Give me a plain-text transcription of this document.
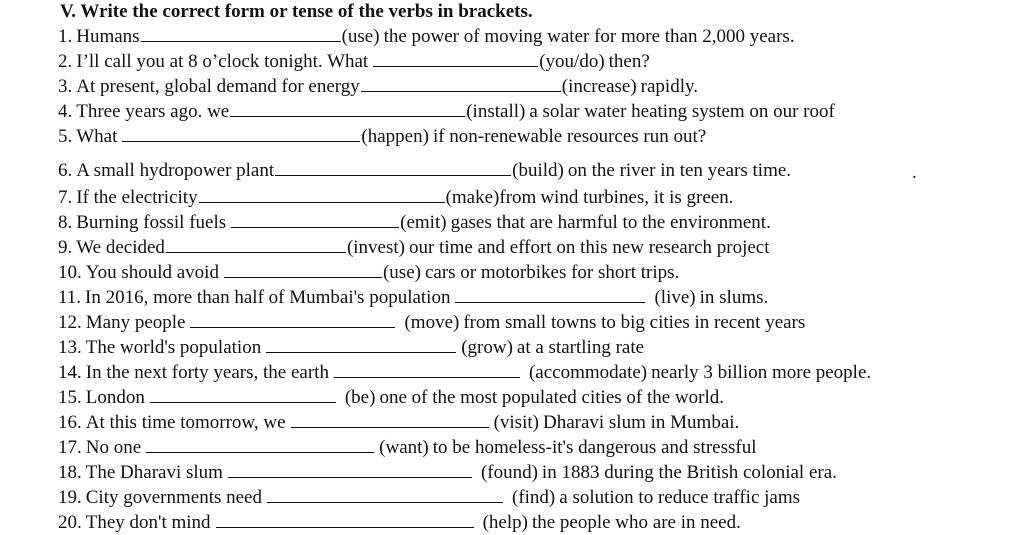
V. Write the correct form or tense of the verbs in brackets.
1. Humans	(use) the power of moving water for more than 2,000 years.
2. I’ll call you at 8 o’clock tonight. What	(you/do) then?
3. At present, global demand for energy	(increase) rapidly.
4. Three years ago. we	(install) a solar water heating system on our roof
5. What	(happen) if non-renewable resources run out?
6. A small hydropower plant	(build) on the river in ten years time.	.
7. If the electricity	(make)from wind turbines, it is green.
8. Burning fossil fuels	(emit) gases that are harmful to the environment.
9. We decided	(invest) our time and effort on this new research project
10. You should avoid	(use) cars or motorbikes for short trips.
11. In 2016, more than half of Mumbai's population	(live) in slums.
12. Many people	(move) from small towns to big cities in recent years
13. The world's population	(grow) at a startling rate
14. In the next forty years, the earth	(accommodate) nearly 3 billion more people.
15. London	(be) one of the most populated cities of the world.
16. At this time tomorrow, we	(visit) Dharavi slum in Mumbai.
17. No one	(want) to be homeless-it's dangerous and stressful
18. The Dharavi slum	(found) in 1883 during the British colonial era.
19. City governments need	(find) a solution to reduce traffic jams
20. They don't mind	(help) the people who are in need.
